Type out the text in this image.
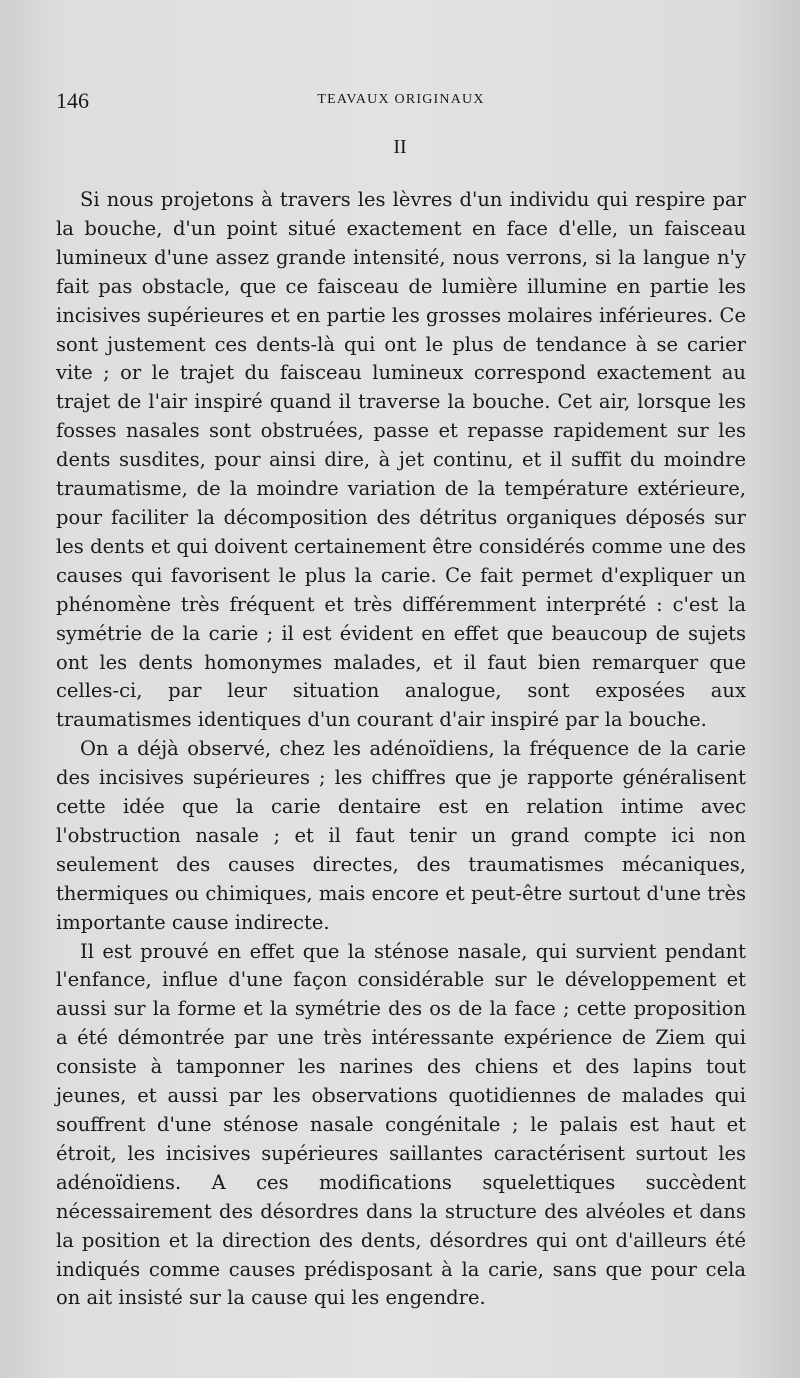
146	TEAVAUX ORIGINAUX
II

Si nous projetons à travers les lèvres d'un individu qui respire par la bouche, d'un point situé exactement en face d'elle, un faisceau lumineux d'une assez grande intensité, nous verrons, si la langue n'y fait pas obstacle, que ce faisceau de lumière illumine en partie les incisives supérieures et en partie les grosses molaires inférieures. Ce sont justement ces dents-là qui ont le plus de tendance à se carier vite ; or le trajet du faisceau lumineux correspond exactement au trajet de l'air inspiré quand il traverse la bouche. Cet air, lorsque les fosses nasales sont obstruées, passe et repasse rapidement sur les dents susdites, pour ainsi dire, à jet continu, et il suffit du moindre traumatisme, de la moindre variation de la température extérieure, pour faciliter la décomposition des détritus organiques déposés sur les dents et qui doivent certainement être considérés comme une des causes qui favorisent le plus la carie. Ce fait permet d'expliquer un phénomène très fréquent et très différemment interprété : c'est la symétrie de la carie ; il est évident en effet que beaucoup de sujets ont les dents homonymes malades, et il faut bien remarquer que celles-ci, par leur situation analogue, sont exposées aux traumatismes identiques d'un courant d'air inspiré par la bouche.

On a déjà observé, chez les adénoïdiens, la fréquence de la carie des incisives supérieures ; les chiffres que je rapporte généralisent cette idée que la carie dentaire est en relation intime avec l'obstruction nasale ; et il faut tenir un grand compte ici non seulement des causes directes, des traumatismes mécaniques, thermiques ou chimiques, mais encore et peut-être surtout d'une très importante cause indirecte.

Il est prouvé en effet que la sténose nasale, qui survient pendant l'enfance, influe d'une façon considérable sur le développement et aussi sur la forme et la symétrie des os de la face ; cette proposition a été démontrée par une très intéressante expérience de Ziem qui consiste à tamponner les narines des chiens et des lapins tout jeunes, et aussi par les observations quotidiennes de malades qui souffrent d'une sténose nasale congénitale ; le palais est haut et étroit, les incisives supérieures saillantes caractérisent surtout les adénoïdiens. A ces modifications squelettiques succèdent nécessairement des désordres dans la structure des alvéoles et dans la position et la direction des dents, désordres qui ont d'ailleurs été indiqués comme causes prédisposant à la carie, sans que pour cela on ait insisté sur la cause qui les engendre.
